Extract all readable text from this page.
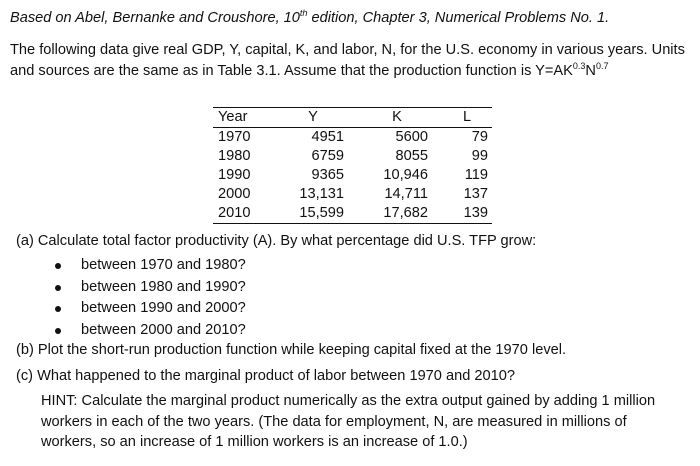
Based on Abel, Bernanke and Croushore, 10th edition, Chapter 3, Numerical Problems No. 1.
The following data give real GDP, Y, capital, K, and labor, N, for the U.S. economy in various years. Units and sources are the same as in Table 3.1. Assume that the production function is $Y=AK^{0.3}N^{0.7}$
Year	Y	K	L
1970	4951	5600	79
1980	6759	8055	99
1990	9365	10,946	119
2000	13,131	14,711	137
2010	15,599	17,682	139
(a) Calculate total factor productivity (A). By what percentage did U.S. TFP grow:
between 1970 and 1980?
between 1980 and 1990?
between 1990 and 2000?
between 2000 and 2010?
(b) Plot the short-run production function while keeping capital fixed at the 1970 level.
(c) What happened to the marginal product of labor between 1970 and 2010?
HINT: Calculate the marginal product numerically as the extra output gained by adding 1 million workers in each of the two years. (The data for employment, N, are measured in millions of workers, so an increase of 1 million workers is an increase of 1.0.)
